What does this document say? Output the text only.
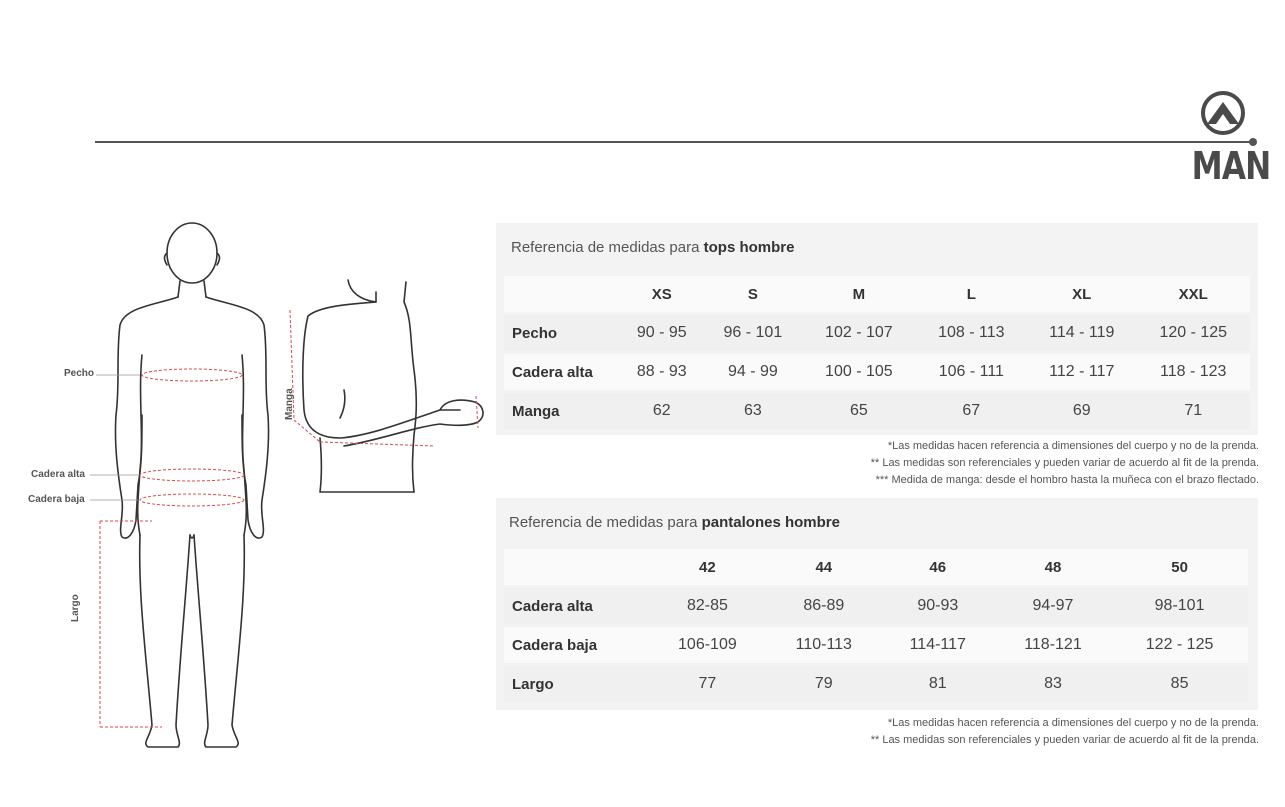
MAN
Pecho
Cadera alta
Cadera baja
Largo
Manga
Referencia de medidas para tops hombre
	XS	S	M	L	XL	XXL
Pecho	90 - 95	96 - 101	102 - 107	108 - 113	114 - 119	120 - 125
Cadera alta	88 - 93	94 - 99	100 - 105	106 - 111	112 - 117	118 - 123
Manga	62	63	65	67	69	71
*Las medidas hacen referencia a dimensiones del cuerpo y no de la prenda.
** Las medidas son referenciales y pueden variar de acuerdo al fit de la prenda.
*** Medida de manga: desde el hombro hasta la muñeca con el brazo flectado.
Referencia de medidas para pantalones hombre
	42	44	46	48	50
Cadera alta	82-85	86-89	90-93	94-97	98-101
Cadera baja	106-109	110-113	114-117	118-121	122 - 125
Largo	77	79	81	83	85
*Las medidas hacen referencia a dimensiones del cuerpo y no de la prenda.
** Las medidas son referenciales y pueden variar de acuerdo al fit de la prenda.
